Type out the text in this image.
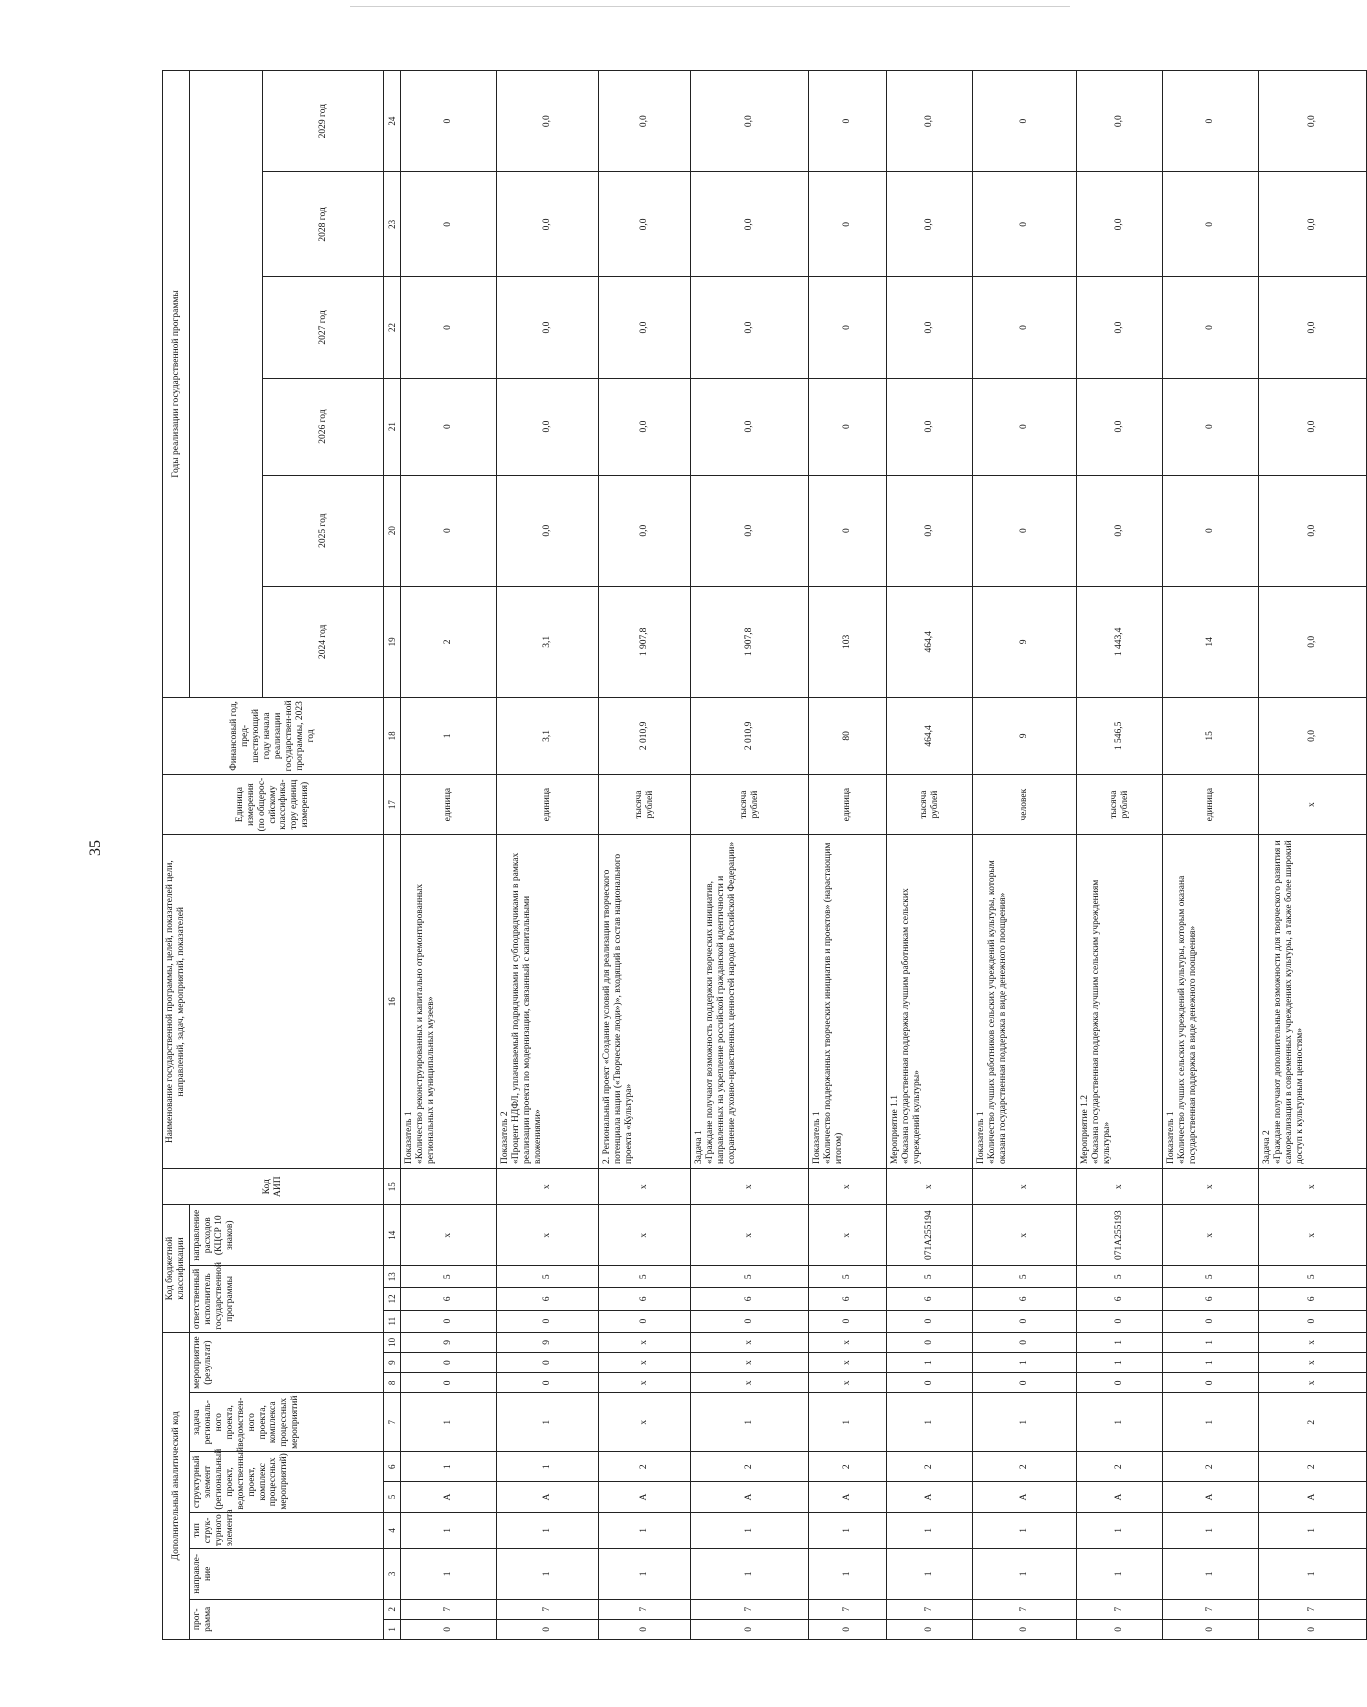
35
Дополнительный аналитический код										Код бюджетной классификации				Код АИП	Наименование государственной программы, целей, показателей цели, направлений, задач, мероприятий, показателей	Единица измерения (по общерос-сийскому классифика-тору единиц измерения)	Финансовый год, пред-шествующий году начала реализации государствен-ной программы, 2023 год	Годы реализации государственной программы					
прог-рамма		направле-ние	тип струк-турного элемента	структурный элемент (региональный проект, ведомственный проект, комплекс процессных мероприятий)		задача региональ-ного проекта, ведомствен-ного проекта, комплекса процессных мероприятий	мероприятие (результат)			ответственный исполнитель государственной программы			направление расходов (КЦСР 10 знаков)										
																		2024 год	2025 год	2026 год	2027 год	2028 год	2029 год
1	2	3	4	5	6	7	8	9	10	11	12	13	14	15	16	17	18	19	20	21	22	23	24
0	7	1	1	А	1	1	0	0	9	0	6	5	х		Показатель 1
«Количество реконструированных и капитально отремонтированных региональных и муниципальных музеев»	единица	1	2	0	0	0	0	0
0	7	1	1	А	1	1	0	0	9	0	6	5	х	х	Показатель 2
«Процент НДФЛ, уплачиваемый подрядчиками и субподрядчиками в рамках реализации проекта по модернизации, связанный с капитальными вложениями»	единица	3,1	3,1	0,0	0,0	0,0	0,0	0,0
0	7	1	1	А	2	х	х	х	х	0	6	5	х	х	2. Региональный проект «Создание условий для реализации творческого потенциала нации («Творческие люди»)», входящий в состав национального проекта «Культура»	тысяча рублей	2 010,9	1 907,8	0,0	0,0	0,0	0,0	0,0
0	7	1	1	А	2	1	х	х	х	0	6	5	х	х	Задача 1
«Граждане получают возможность поддержки творческих инициатив, направленных на укрепление российской гражданской идентичности и сохранение духовно-нравственных ценностей народов Российской Федерации»	тысяча рублей	2 010,9	1 907,8	0,0	0,0	0,0	0,0	0,0
0	7	1	1	А	2	1	х	х	х	0	6	5	х	х	Показатель 1
«Количество поддержанных творческих инициатив и проектов» (нарастающим итогом)	единица	80	103	0	0	0	0	0
0	7	1	1	А	2	1	0	1	0	0	6	5	071А255194	х	Мероприятие 1.1
«Оказана государственная поддержка лучшим работникам сельских учреждений культуры»	тысяча рублей	464,4	464,4	0,0	0,0	0,0	0,0	0,0
0	7	1	1	А	2	1	0	1	0	0	6	5	х	х	Показатель 1
«Количество лучших работников сельских учреждений культуры, которым оказана государственная поддержка в виде денежного поощрения»	человек	9	9	0	0	0	0	0
0	7	1	1	А	2	1	0	1	1	0	6	5	071А255193	х	Мероприятие 1.2
«Оказана государственная поддержка лучшим сельским учреждениям культуры»	тысяча рублей	1 546,5	1 443,4	0,0	0,0	0,0	0,0	0,0
0	7	1	1	А	2	1	0	1	1	0	6	5	х	х	Показатель 1
«Количество лучших сельских учреждений культуры, которым оказана государственная поддержка в виде денежного поощрения»	единица	15	14	0	0	0	0	0
0	7	1	1	А	2	2	х	х	х	0	6	5	х	х	Задача 2
«Граждане получают дополнительные возможности для творческого развития и самореализации в современных учреждениях культуры, а также более широкий доступ к культурным ценностям»	х	0,0	0,0	0,0	0,0	0,0	0,0	0,0
